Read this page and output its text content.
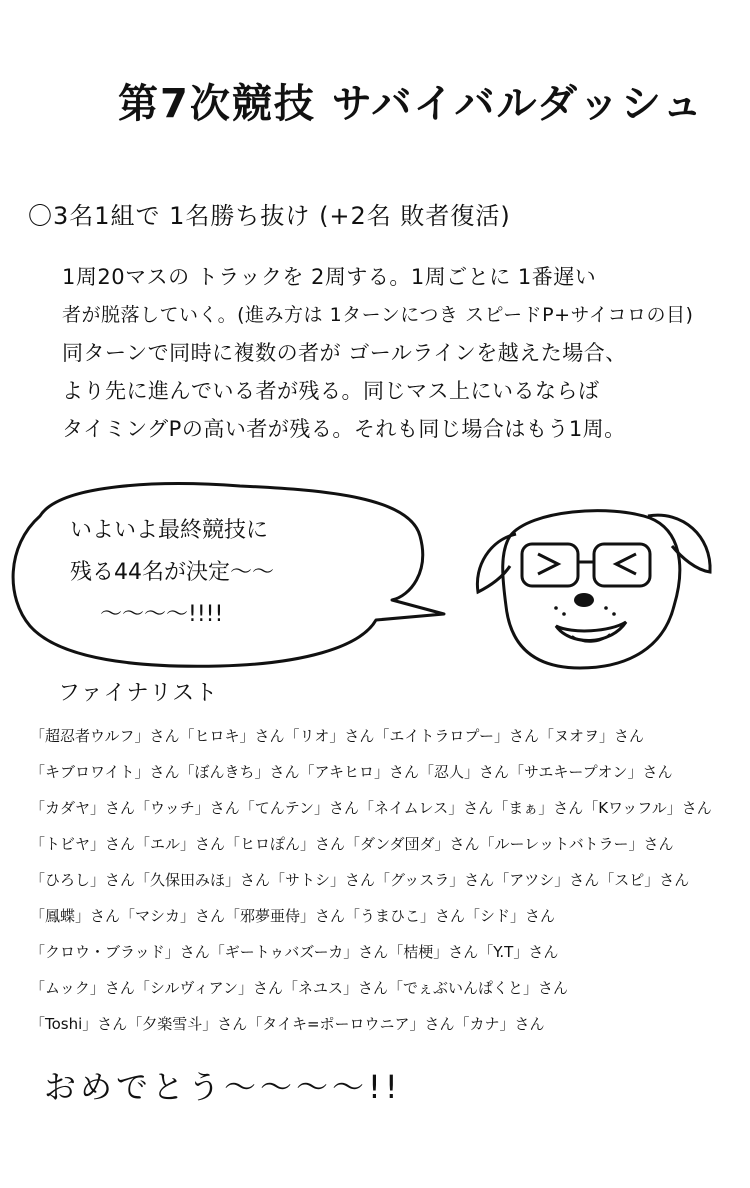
第7次競技 サバイバルダッシュ
〇3名1組で 1名勝ち抜け (+2名 敗者復活)
1周20マスの トラックを 2周する。1周ごとに 1番遅い
者が脱落していく。(進み方は 1ターンにつき スピードP+サイコロの目)
同ターンで同時に複数の者が ゴールラインを越えた場合、
より先に進んでいる者が残る。同じマス上にいるならば
タイミングPの高い者が残る。それも同じ場合はもう1周。
いよいよ最終競技に
残る44名が決定〜〜
〜〜〜〜!!!!
ファイナリスト
「超忍者ウルフ」さん「ヒロキ」さん「リオ」さん「エイトラロプー」さん「ヌオヲ」さん
「キブロワイト」さん「ぼんきち」さん「アキヒロ」さん「忍人」さん「サエキープオン」さん
「カダヤ」さん「ウッチ」さん「てんテン」さん「ネイムレス」さん「まぁ」さん「Kワッフル」さん
「トビヤ」さん「エル」さん「ヒロぽん」さん「ダンダ団ダ」さん「ルーレットバトラー」さん
「ひろし」さん「久保田みほ」さん「サトシ」さん「グッスラ」さん「アツシ」さん「スピ」さん
「鳳蝶」さん「マシカ」さん「邪夢亜侍」さん「うまひこ」さん「シド」さん
「クロウ・ブラッド」さん「ギートゥバズーカ」さん「桔梗」さん「Y.T」さん
「ムック」さん「シルヴィアン」さん「ネユス」さん「でぇぶいんぱくと」さん
「Toshi」さん「夕楽雪斗」さん「タイキ=ポーロウニア」さん「カナ」さん
おめでとう〜〜〜〜!!
